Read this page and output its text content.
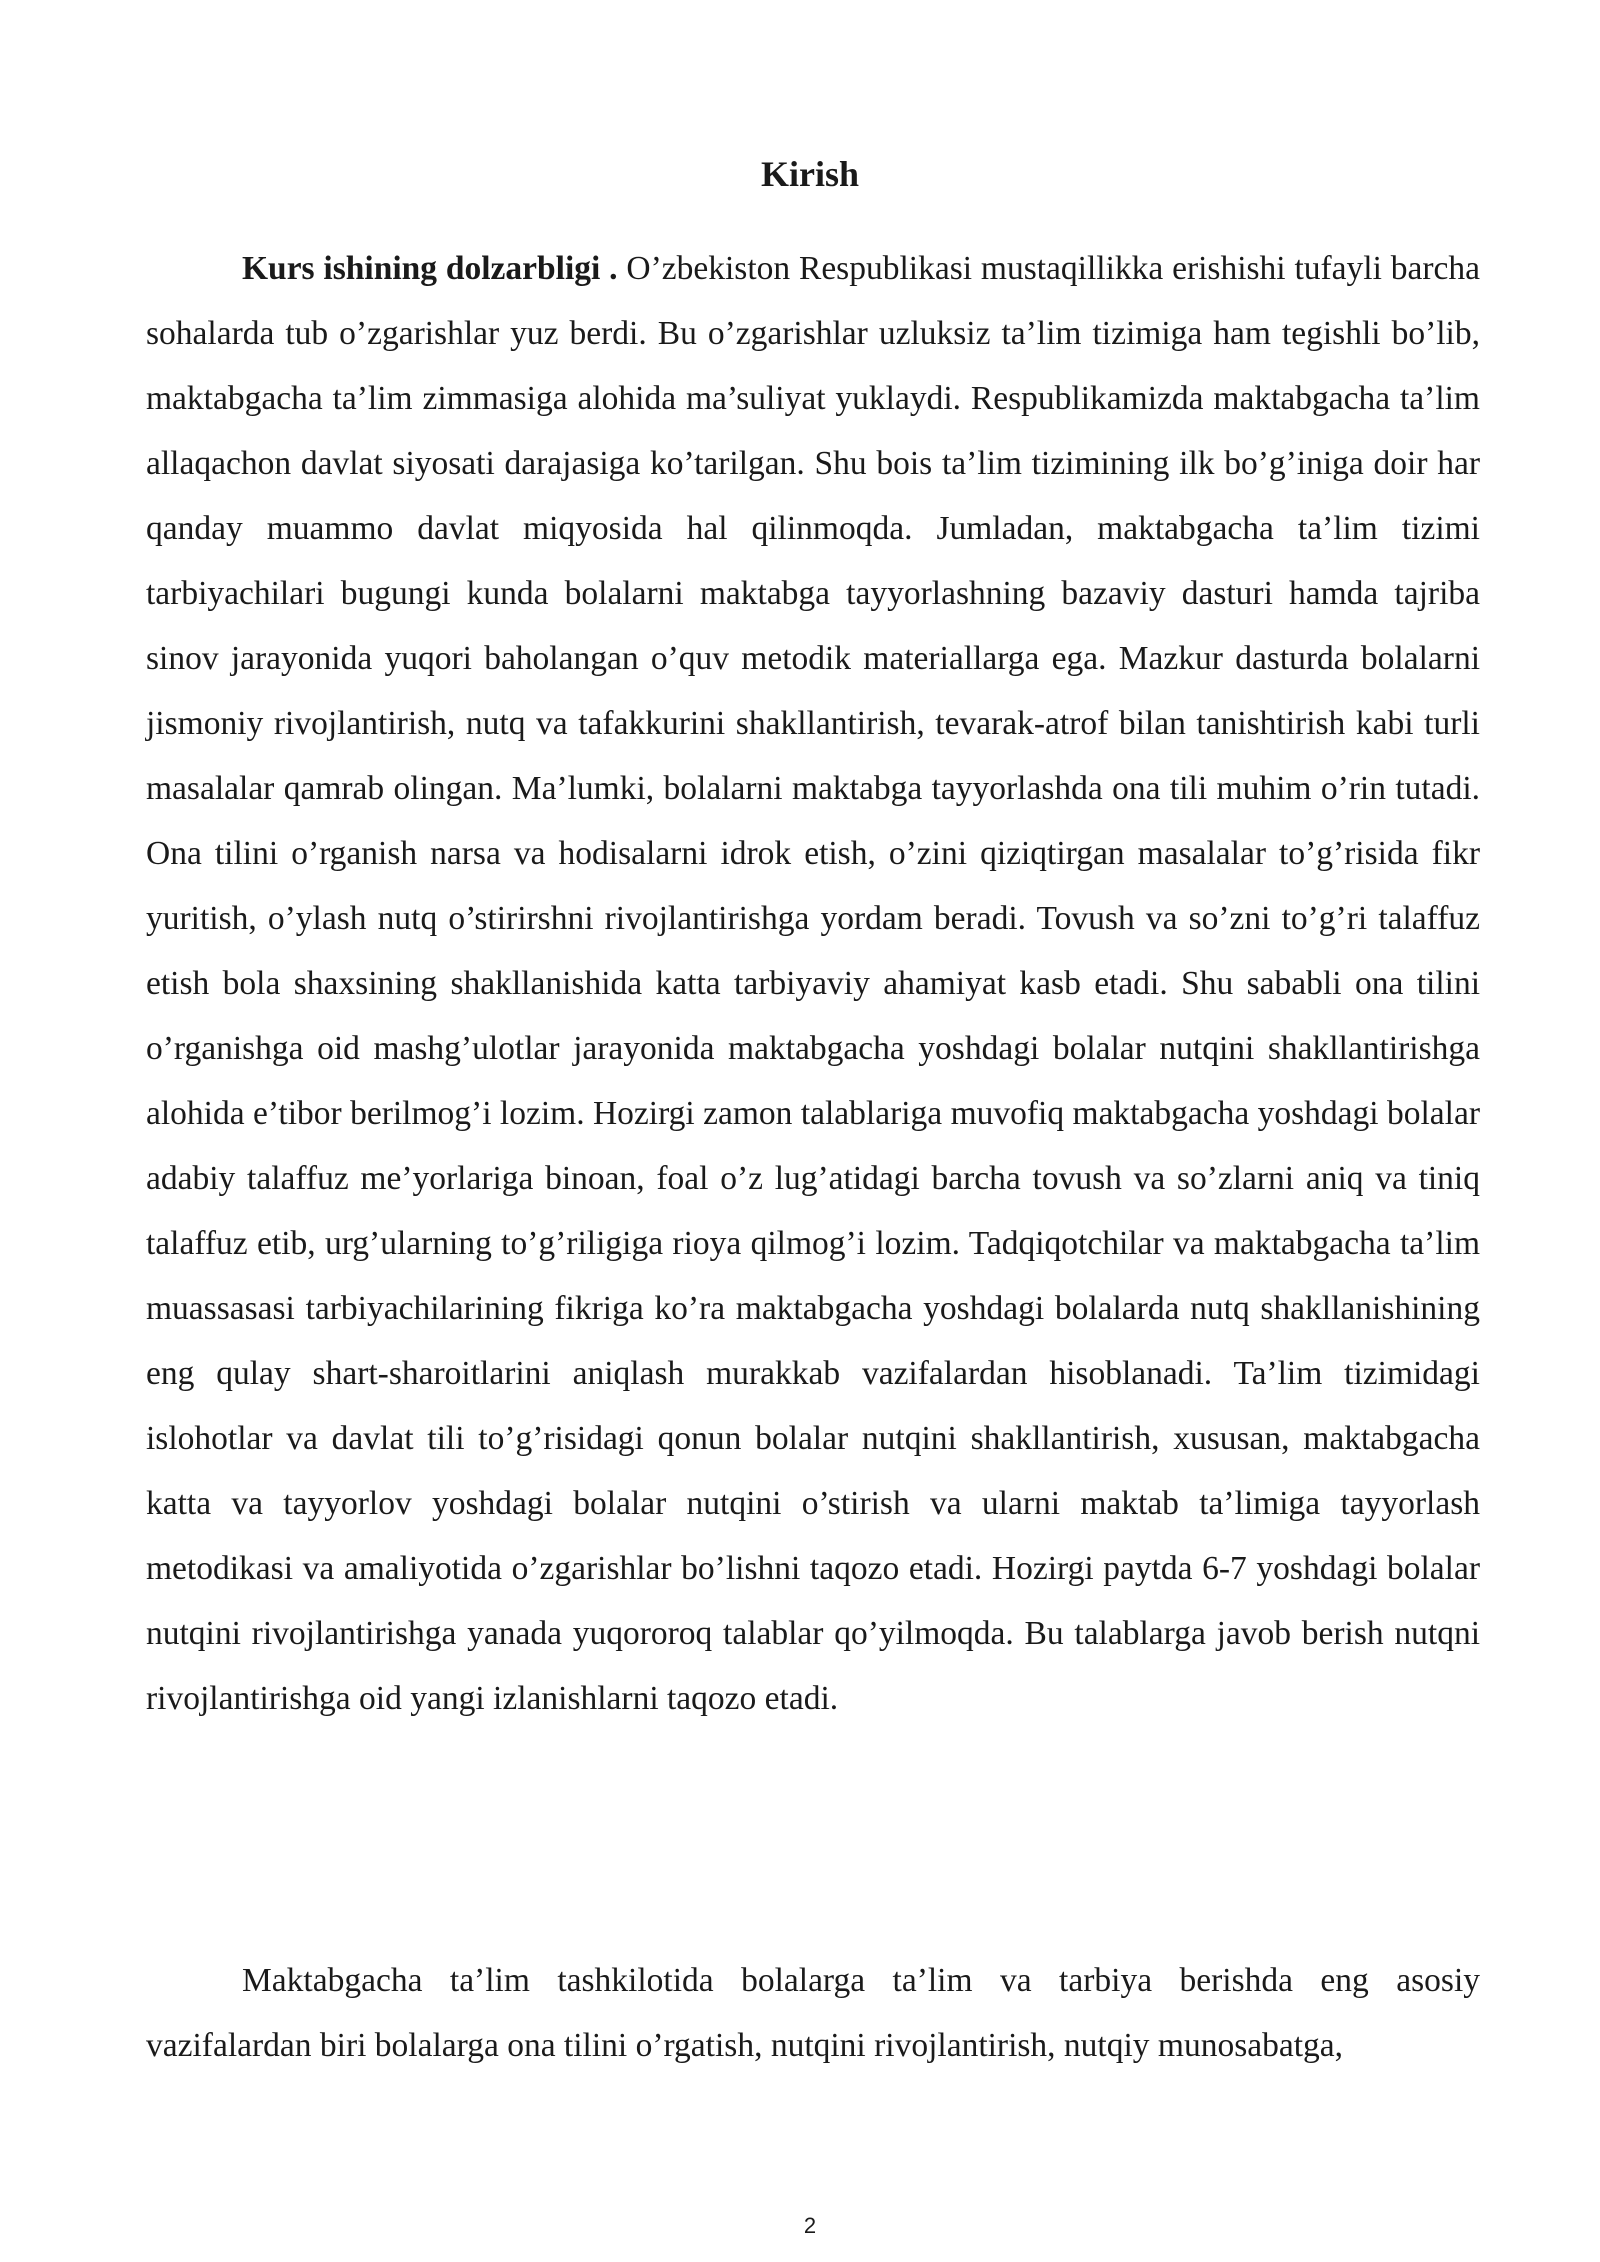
Kirish

Kurs ishining dolzarbligi . O’zbekiston Respublikasi mustaqillikka erishishi tufayli barcha sohalarda tub o’zgarishlar yuz berdi. Bu o’zgarishlar uzluksiz ta’lim tizimiga ham tegishli bo’lib, maktabgacha ta’lim zimmasiga alohida ma’suliyat yuklaydi. Respublikamizda maktabgacha ta’lim allaqachon davlat siyosati darajasiga ko’tarilgan. Shu bois ta’lim tizimining ilk bo’g’iniga doir har qanday muammo davlat miqyosida hal qilinmoqda. Jumladan, maktabgacha ta’lim tizimi tarbiyachilari bugungi kunda bolalarni maktabga tayyorlashning bazaviy dasturi hamda tajriba sinov jarayonida yuqori baholangan o’quv metodik materiallarga ega. Mazkur dasturda bolalarni jismoniy rivojlantirish, nutq va tafakkurini shakllantirish, tevarak-atrof bilan tanishtirish kabi turli masalalar qamrab olingan. Ma’lumki, bolalarni maktabga tayyorlashda ona tili muhim o’rin tutadi. Ona tilini o’rganish narsa va hodisalarni idrok etish, o’zini qiziqtirgan masalalar to’g’risida fikr yuritish, o’ylash nutq o’stirirshni rivojlantirishga yordam beradi. Tovush va so’zni to’g’ri talaffuz etish bola shaxsining shakllanishida katta tarbiyaviy ahamiyat kasb etadi. Shu sababli ona tilini o’rganishga oid mashg’ulotlar jarayonida maktabgacha yoshdagi bolalar nutqini shakllantirishga alohida e’tibor berilmog’i lozim. Hozirgi zamon talablariga muvofiq maktabgacha yoshdagi bolalar adabiy talaffuz me’yorlariga binoan, foal o’z lug’atidagi barcha tovush va so’zlarni aniq va tiniq talaffuz etib, urg’ularning to’g’riligiga rioya qilmog’i lozim. Tadqiqotchilar va maktabgacha ta’lim muassasasi tarbiyachilarining fikriga ko’ra maktabgacha yoshdagi bolalarda nutq shakllanishining eng qulay shart-sharoitlarini aniqlash murakkab vazifalardan hisoblanadi. Ta’lim tizimidagi islohotlar va davlat tili to’g’risidagi qonun bolalar nutqini shakllantirish, xususan, maktabgacha katta va tayyorlov yoshdagi bolalar nutqini o’stirish va ularni maktab ta’limiga tayyorlash metodikasi va amaliyotida o’zgarishlar bo’lishni taqozo etadi. Hozirgi paytda 6-7 yoshdagi bolalar nutqini rivojlantirishga yanada yuqororoq talablar qo’yilmoqda. Bu talablarga javob berish nutqni rivojlantirishga oid yangi izlanishlarni taqozo etadi.

Maktabgacha ta’lim tashkilotida bolalarga ta’lim va tarbiya berishda eng asosiy vazifalardan biri bolalarga ona tilini o’rgatish, nutqini rivojlantirish, nutqiy munosabatga,

2
